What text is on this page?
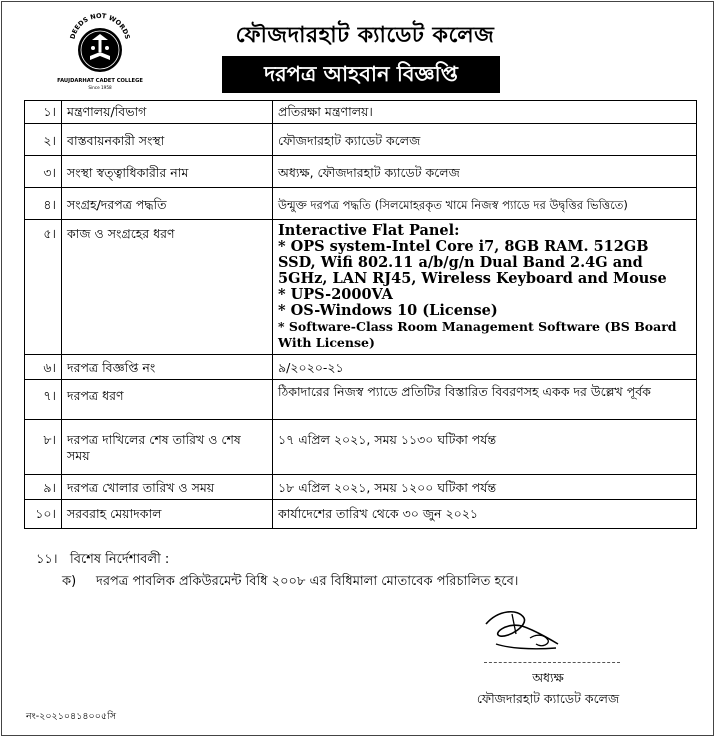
DEEDS NOT WORDS
FAUJDARHAT CADET COLLEGE
Since 1958
ফৌজদারহাট ক্যাডেট কলেজ
দরপত্র আহবান বিজ্ঞপ্তি
১।	মন্ত্রণালয়/বিভাগ	প্রতিরক্ষা মন্ত্রণালয়।
২।	বাস্তবায়নকারী সংস্থা	ফৌজদারহাট ক্যাডেট কলেজ
৩।	সংস্থা স্বত্ত্বাধিকারীর নাম	অধ্যক্ষ, ফৌজদারহাট ক্যাডেট কলেজ
৪।	সংগ্রহ/দরপত্র পদ্ধতি	উন্মুক্ত দরপত্র পদ্ধতি (সিলমোহরকৃত খামে নিজস্ব প্যাডে দর উদ্বৃত্তির ভিত্তিতে)
৫।	কাজ ও সংগ্রহের ধরণ	Interactive Flat Panel:
* OPS system-Intel Core i7, 8GB RAM. 512GB SSD, Wifi 802.11 a/b/g/n Dual Band 2.4G and 5GHz, LAN RJ45, Wireless Keyboard and Mouse
* UPS-2000VA
* OS-Windows 10 (License)
* Software-Class Room Management Software (BS Board With License)

৬।	দরপত্র বিজ্ঞপ্তি নং	৯/২০২০-২১
৭।	দরপত্র ধরণ	ঠিকাদারের নিজস্ব প্যাডে প্রতিটির বিস্তারিত বিবরণসহ একক দর উল্লেখ পূর্বক
৮।	দরপত্র দাখিলের শেষ তারিখ ও শেষ সময়	১৭ এপ্রিল ২০২১, সময় ১১৩০ ঘটিকা পর্যন্ত
৯।	দরপত্র খোলার তারিখ ও সময়	১৮ এপ্রিল ২০২১, সময় ১২০০ ঘটিকা পর্যন্ত
১০।	সরবরাহ মেয়াদকাল	কার্যাদেশের তারিখ থেকে ৩০ জুন ২০২১
১১। বিশেষ নির্দেশাবলী :
ক)	দরপত্র পাবলিক প্রকিউরমেন্ট বিধি ২০০৮ এর বিধিমালা মোতাবেক পরিচালিত হবে।
অধ্যক্ষ
ফৌজদারহাট ক্যাডেট কলেজ
নং-২০২১০৪১৪০০৫সি
